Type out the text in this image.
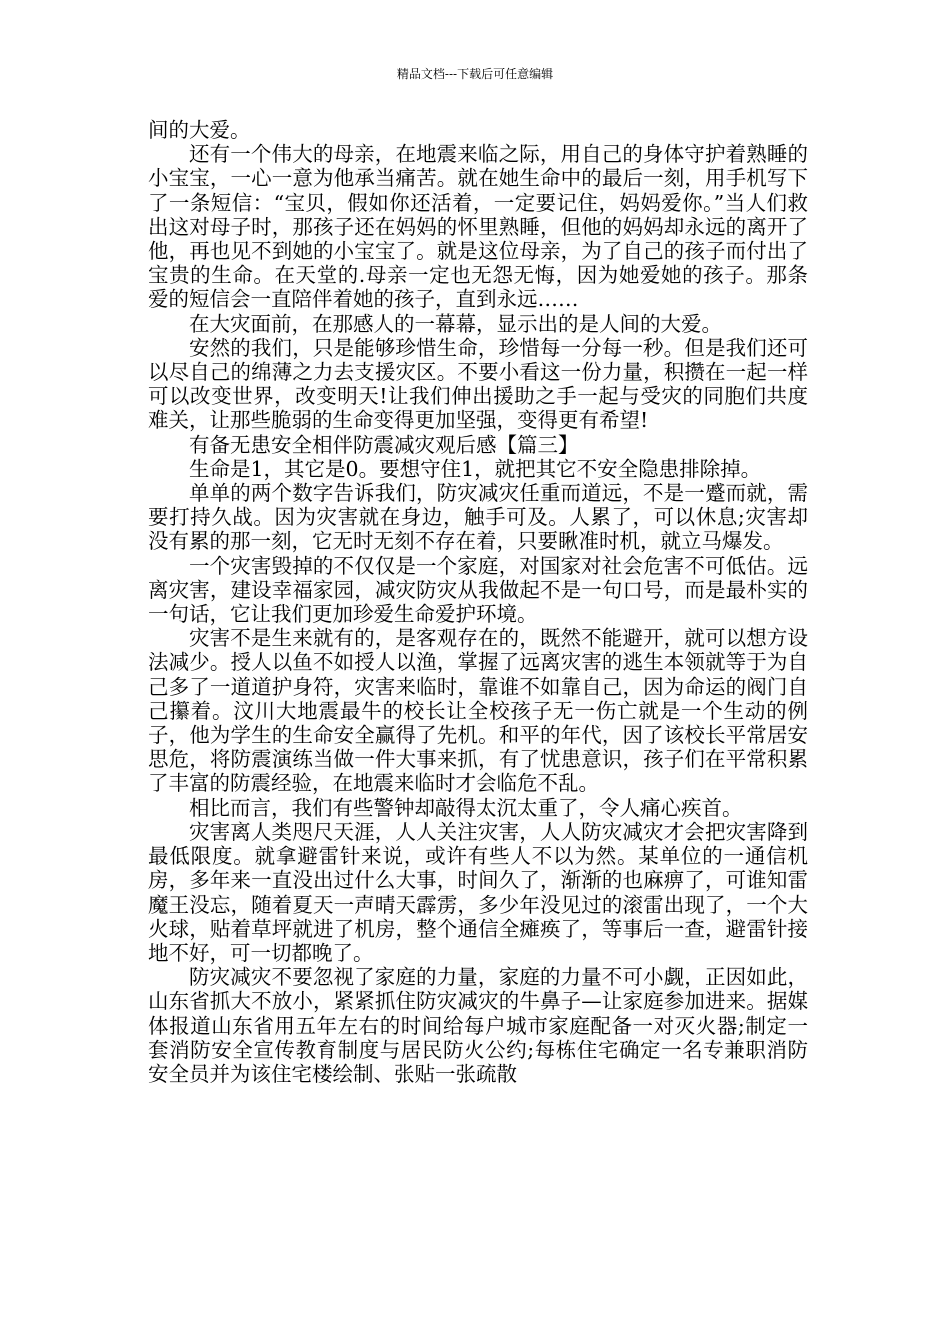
精品文档---下载后可任意编辑

间的大爱。

还有一个伟大的母亲，在地震来临之际，用自己的身体守护着熟睡的小宝宝，一心一意为他承当痛苦。就在她生命中的最后一刻，用手机写下了一条短信：“宝贝，假如你还活着，一定要记住，妈妈爱你。”当人们救出这对母子时，那孩子还在妈妈的怀里熟睡，但他的妈妈却永远的离开了他，再也见不到她的小宝宝了。就是这位母亲，为了自己的孩子而付出了宝贵的生命。在天堂的.母亲一定也无怨无悔，因为她爱她的孩子。那条爱的短信会一直陪伴着她的孩子，直到永远……

在大灾面前，在那感人的一幕幕，显示出的是人间的大爱。

安然的我们，只是能够珍惜生命，珍惜每一分每一秒。但是我们还可以尽自己的绵薄之力去支援灾区。不要小看这一份力量，积攒在一起一样可以改变世界，改变明天!让我们伸出援助之手一起与受灾的同胞们共度难关，让那些脆弱的生命变得更加坚强，变得更有希望!

有备无患安全相伴防震减灾观后感【篇三】

生命是1，其它是0。要想守住1，就把其它不安全隐患排除掉。

单单的两个数字告诉我们，防灾减灾任重而道远，不是一蹙而就，需要打持久战。因为灾害就在身边，触手可及。人累了，可以休息;灾害却没有累的那一刻，它无时无刻不存在着，只要瞅准时机，就立马爆发。

一个灾害毁掉的不仅仅是一个家庭，对国家对社会危害不可低估。远离灾害，建设幸福家园，减灾防灾从我做起不是一句口号，而是最朴实的一句话，它让我们更加珍爱生命爱护环境。

灾害不是生来就有的，是客观存在的，既然不能避开，就可以想方设法减少。授人以鱼不如授人以渔，掌握了远离灾害的逃生本领就等于为自己多了一道道护身符，灾害来临时，靠谁不如靠自己，因为命运的阀门自己攥着。汶川大地震最牛的校长让全校孩子无一伤亡就是一个生动的例子，他为学生的生命安全赢得了先机。和平的年代，因了该校长平常居安思危，将防震演练当做一件大事来抓，有了忧患意识，孩子们在平常积累了丰富的防震经验，在地震来临时才会临危不乱。

相比而言，我们有些警钟却敲得太沉太重了，令人痛心疾首。

灾害离人类咫尺天涯，人人关注灾害，人人防灾减灾才会把灾害降到最低限度。就拿避雷针来说，或许有些人不以为然。某单位的一通信机房，多年来一直没出过什么大事，时间久了，渐渐的也麻痹了，可谁知雷魔王没忘，随着夏天一声晴天霹雳，多少年没见过的滚雷出现了，一个大火球，贴着草坪就进了机房，整个通信全瘫痪了，等事后一查，避雷针接地不好，可一切都晚了。

防灾减灾不要忽视了家庭的力量，家庭的力量不可小觑，正因如此，山东省抓大不放小，紧紧抓住防灾减灾的牛鼻子—让家庭参加进来。据媒体报道山东省用五年左右的时间给每户城市家庭配备一对灭火器;制定一套消防安全宣传教育制度与居民防火公约;每栋住宅确定一名专兼职消防安全员并为该住宅楼绘制、张贴一张疏散
